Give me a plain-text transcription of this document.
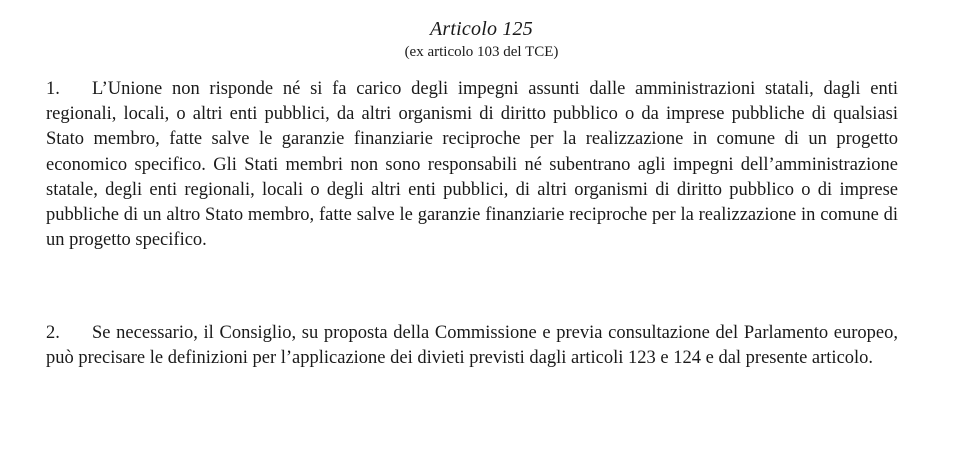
Articolo 125
(ex articolo 103 del TCE)

1. L’Unione non risponde né si fa carico degli impegni assunti dalle amministrazioni statali, dagli enti regionali, locali, o altri enti pubblici, da altri organismi di diritto pubblico o da imprese pubbliche di qualsiasi Stato membro, fatte salve le garanzie finanziarie reciproche per la realizzazione in comune di un progetto economico specifico. Gli Stati membri non sono responsabili né subentrano agli impegni dell’amministrazione statale, degli enti regionali, locali o degli altri enti pubblici, di altri organismi di diritto pubblico o di imprese pubbliche di un altro Stato membro, fatte salve le garanzie finanziarie reciproche per la realizzazione in comune di un progetto specifico.

2. Se necessario, il Consiglio, su proposta della Commissione e previa consultazione del Parlamento europeo, può precisare le definizioni per l’applicazione dei divieti previsti dagli articoli 123 e 124 e dal presente articolo.
